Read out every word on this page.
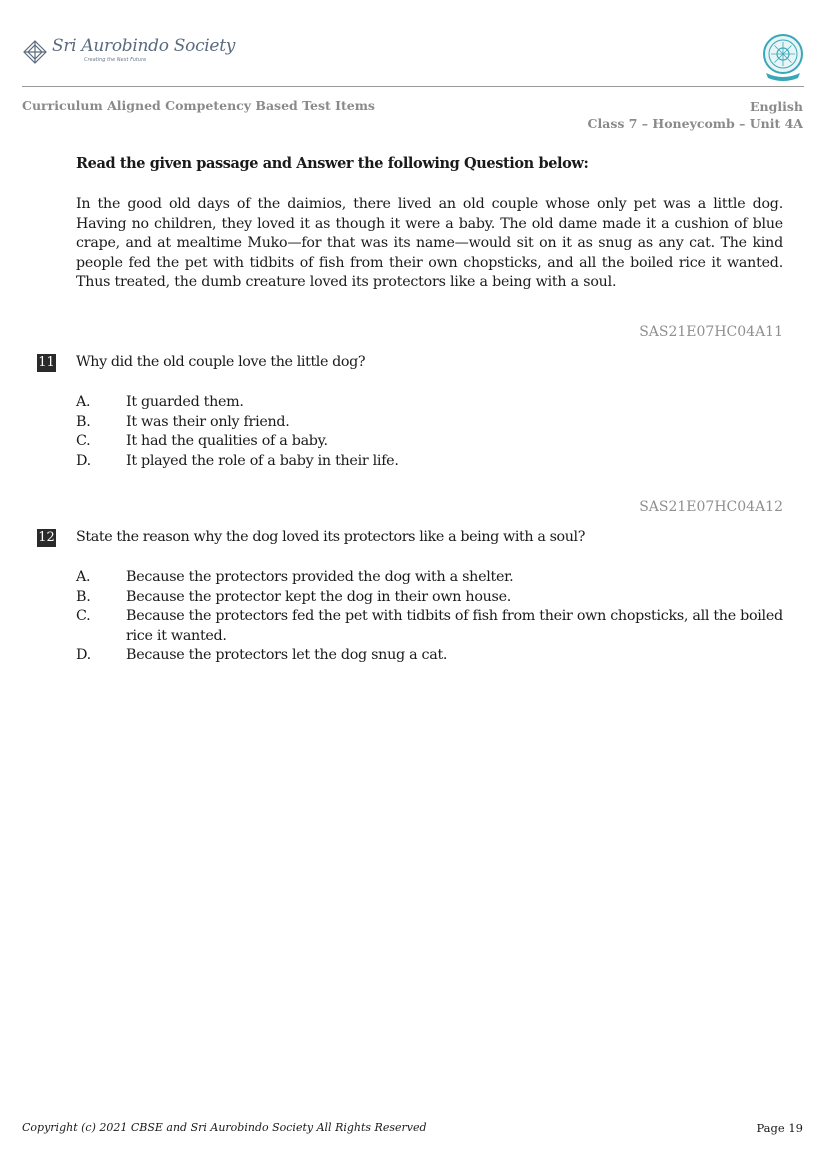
Sri Aurobindo Society
Creating the Next Future
Curriculum Aligned Competency Based Test Items	English
Class 7 – Honeycomb – Unit 4A
Read the given passage and Answer the following Question below:
In the good old days of the daimios, there lived an old couple whose only pet was a little dog. Having no children, they loved it as though it were a baby. The old dame made it a cushion of blue crape, and at mealtime Muko—for that was its name—would sit on it as snug as any cat. The kind people fed the pet with tidbits of fish from their own chopsticks, and all the boiled rice it wanted. Thus treated, the dumb creature loved its protectors like a being with a soul.
SAS21E07HC04A11
11 Why did the old couple love the little dog?
A. It guarded them.
B. It was their only friend.
C. It had the qualities of a baby.
D. It played the role of a baby in their life.
SAS21E07HC04A12
12 State the reason why the dog loved its protectors like a being with a soul?
A. Because the protectors provided the dog with a shelter.
B. Because the protector kept the dog in their own house.
C. Because the protectors fed the pet with tidbits of fish from their own chopsticks, all the boiled rice it wanted.
D. Because the protectors let the dog snug a cat.
Copyright (c) 2021 CBSE and Sri Aurobindo Society All Rights Reserved	Page 19
